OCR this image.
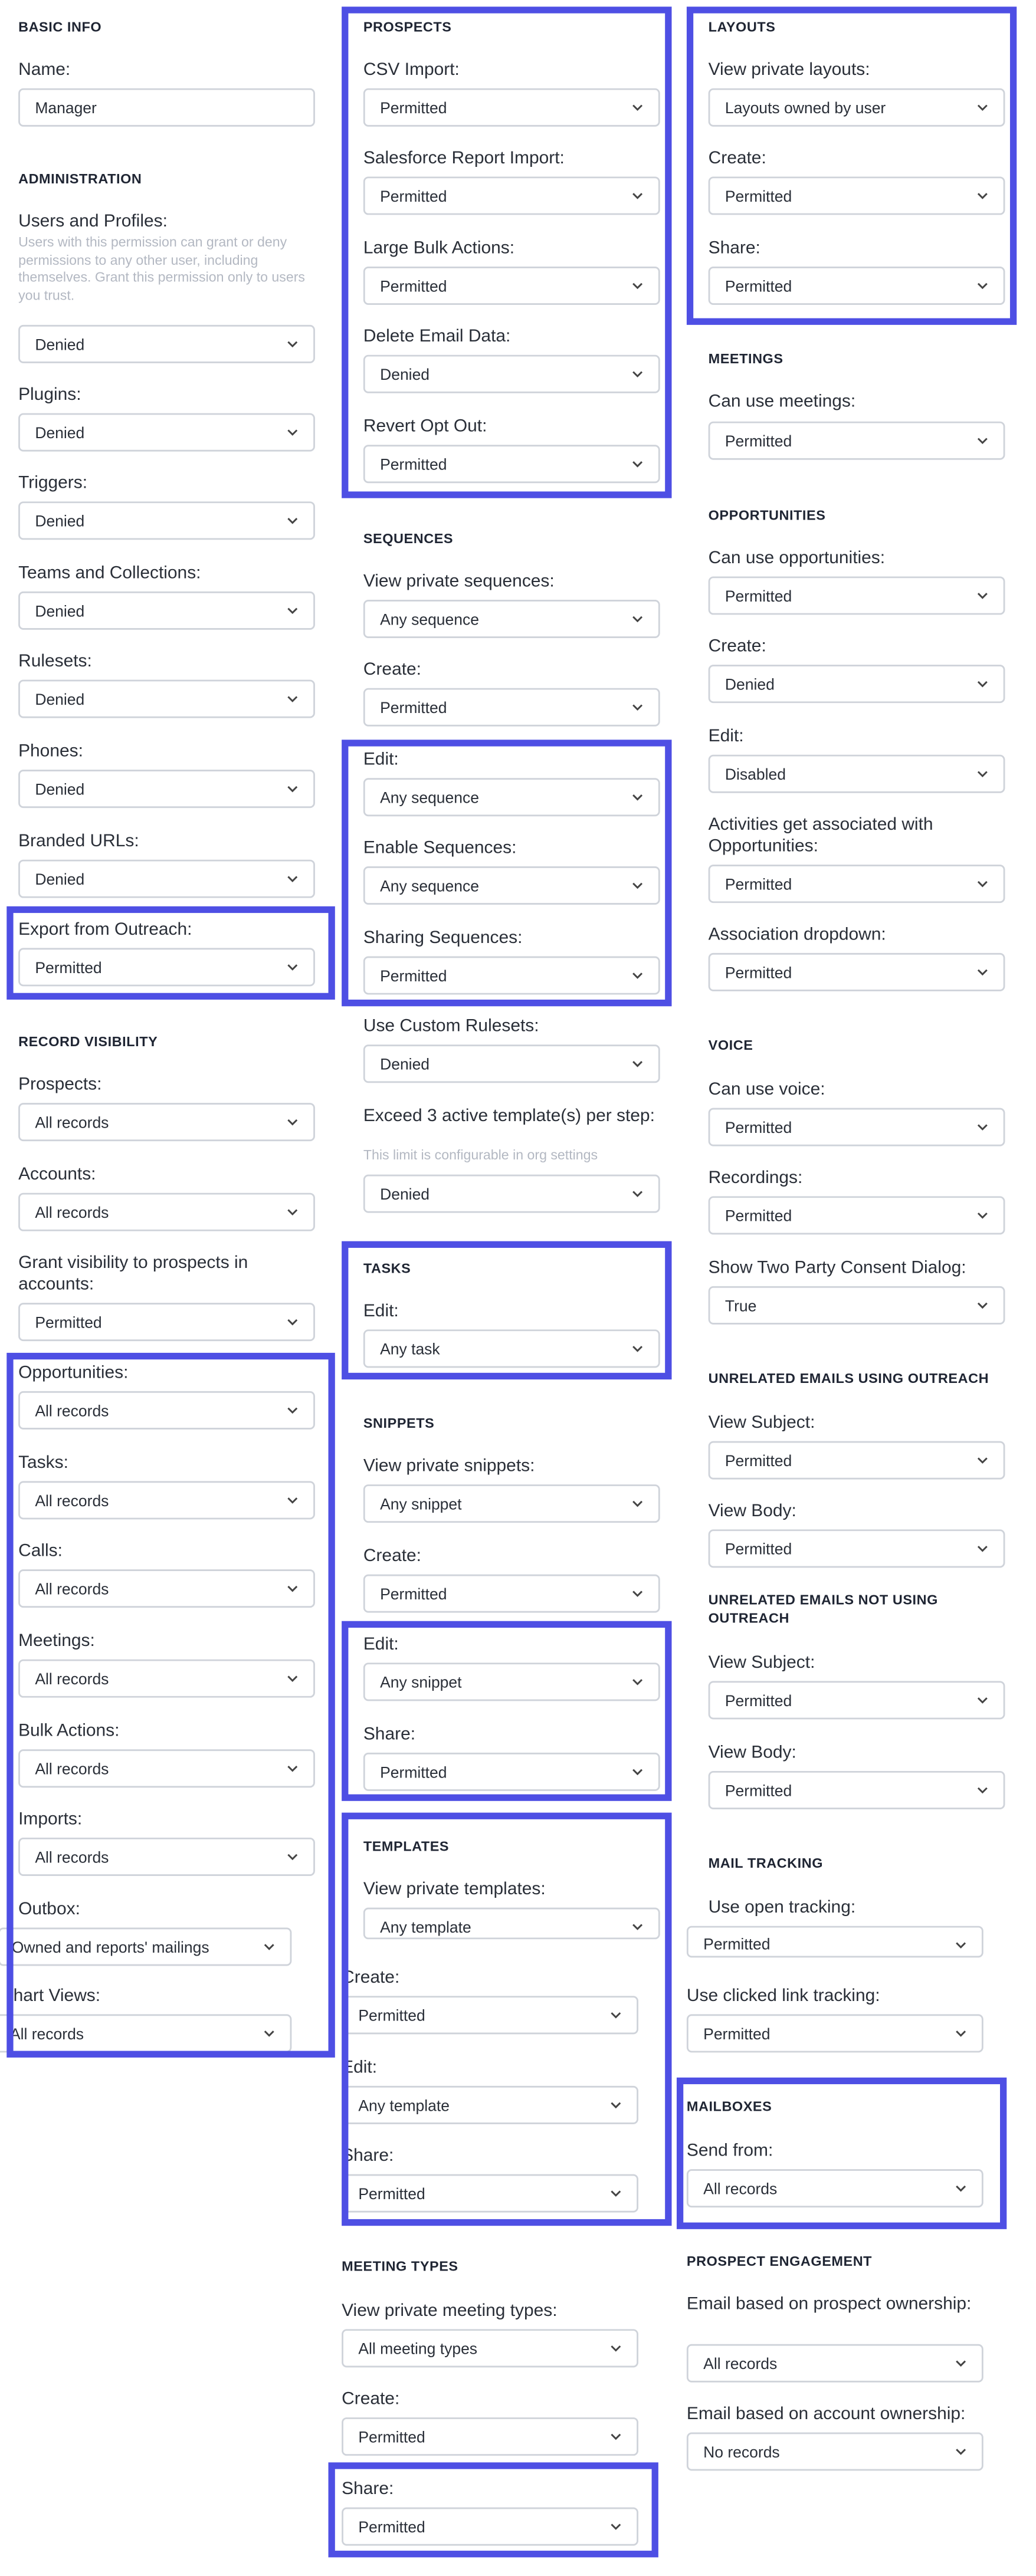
BASIC INFO
Name:
Manager
ADMINISTRATION
Users and Profiles:
Users with this permission can grant or deny permissions to any other user, including themselves. Grant this permission only to users you trust.
Denied
Plugins:
Denied
Triggers:
Denied
Teams and Collections:
Denied
Rulesets:
Denied
Phones:
Denied
Branded URLs:
Denied
Export from Outreach:
Permitted
RECORD VISIBILITY
Prospects:
All records
Accounts:
All records
Grant visibility to prospects in accounts:
Permitted
Opportunities:
All records
Tasks:
All records
Calls:
All records
Meetings:
All records
Bulk Actions:
All records
Imports:
All records
Outbox:
Owned and reports' mailings
hart Views:
All records
PROSPECTS
CSV Import:
Permitted
Salesforce Report Import:
Permitted
Large Bulk Actions:
Permitted
Delete Email Data:
Denied
Revert Opt Out:
Permitted
SEQUENCES
View private sequences:
Any sequence
Create:
Permitted
Edit:
Any sequence
Enable Sequences:
Any sequence
Sharing Sequences:
Permitted
Use Custom Rulesets:
Denied
Exceed 3 active template(s) per step:
This limit is configurable in org settings
Denied
TASKS
Edit:
Any task
SNIPPETS
View private snippets:
Any snippet
Create:
Permitted
Edit:
Any snippet
Share:
Permitted
TEMPLATES
View private templates:
Any template
Create:
Permitted
Edit:
Any template
Share:
Permitted
MEETING TYPES
View private meeting types:
All meeting types
Create:
Permitted
Share:
Permitted
LAYOUTS
View private layouts:
Layouts owned by user
Create:
Permitted
Share:
Permitted
MEETINGS
Can use meetings:
Permitted
OPPORTUNITIES
Can use opportunities:
Permitted
Create:
Denied
Edit:
Disabled
Activities get associated with Opportunities:
Permitted
Association dropdown:
Permitted
VOICE
Can use voice:
Permitted
Recordings:
Permitted
Show Two Party Consent Dialog:
True
UNRELATED EMAILS USING OUTREACH
View Subject:
Permitted
View Body:
Permitted
UNRELATED EMAILS NOT USING OUTREACH
View Subject:
Permitted
View Body:
Permitted
MAIL TRACKING
Use open tracking:
Permitted
Use clicked link tracking:
Permitted
MAILBOXES
Send from:
All records
PROSPECT ENGAGEMENT
Email based on prospect ownership:
All records
Email based on account ownership:
No records
